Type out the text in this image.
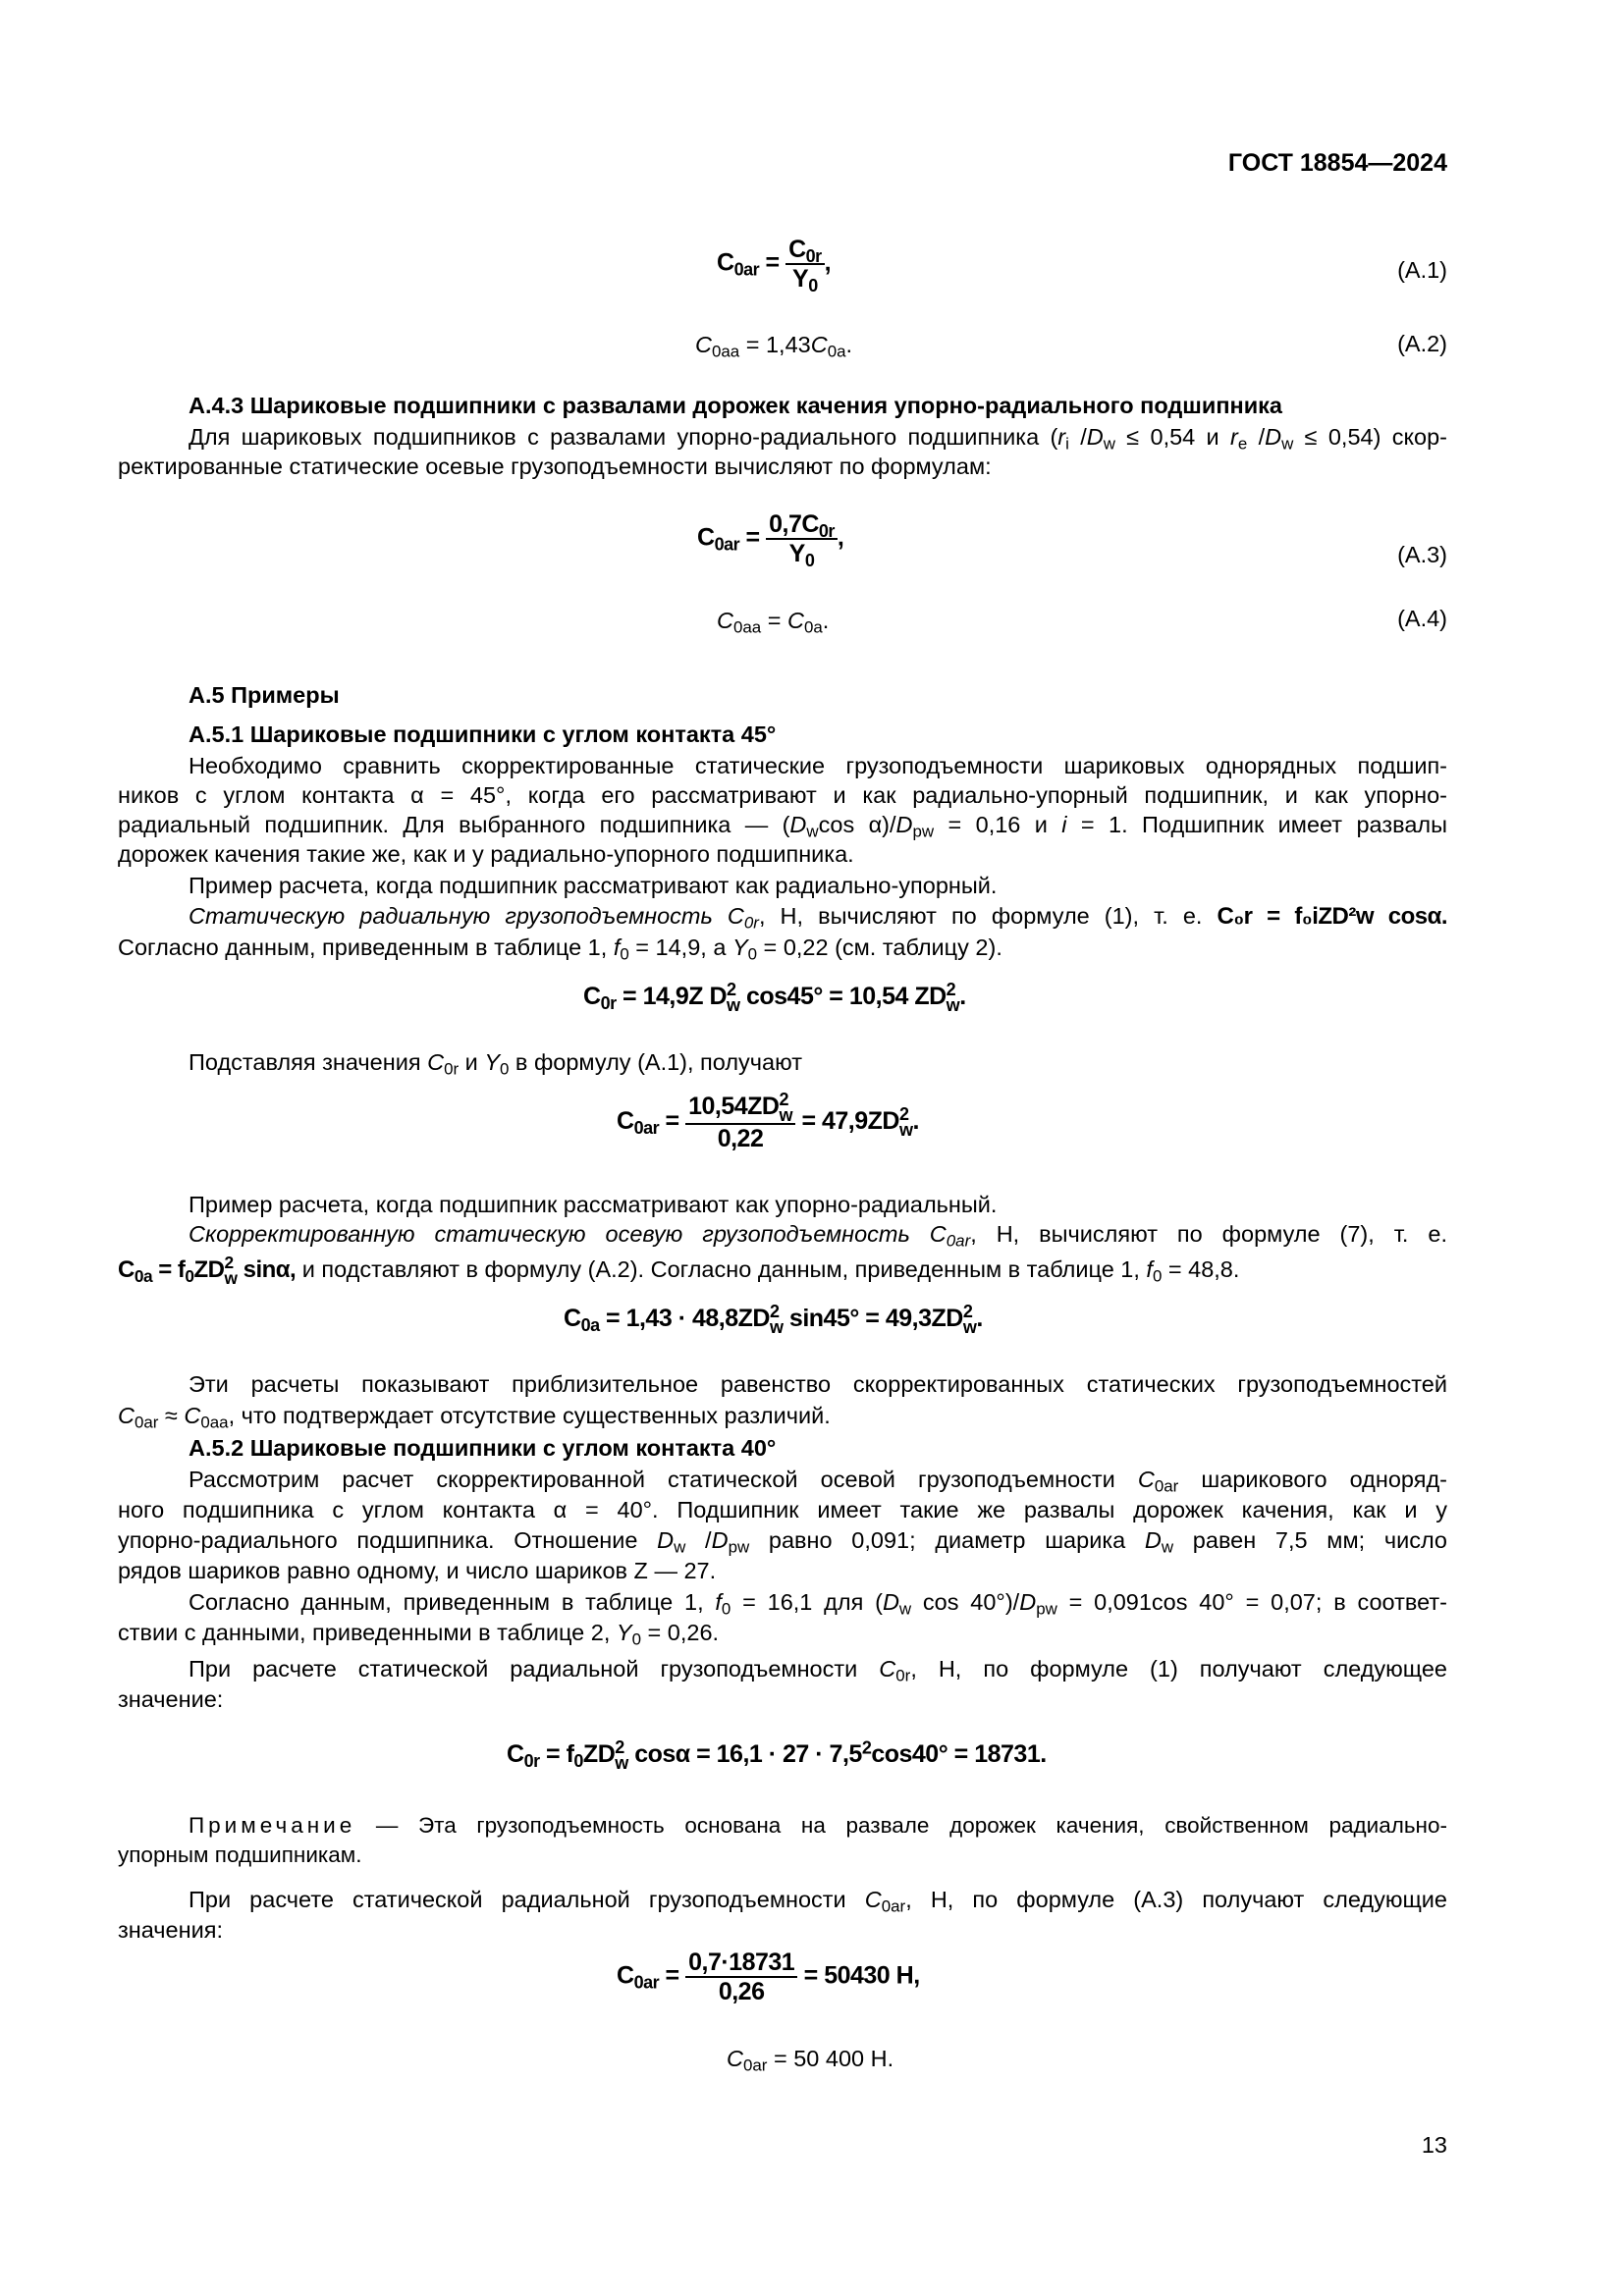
ГОСТ 18854—2024
$C_{0ar} = \frac{C_{0r}}{Y_0}$ ,	(A.1)
$C_{0aa} = 1,43C_{0a}$.	(A.2)
А.4.3 Шариковые подшипники с развалами дорожек качения упорно-радиального подшипника
Для шариковых подшипников с развалами упорно-радиального подшипника ($r_i$ $/D_w \le 0,54$ и $r_e$ $/D_w \le 0,54$) скор-
ректированные статические осевые грузоподъемности вычисляют по формулам:
$C_{0ar} = \frac{0,7C_{0r}}{Y_0}$ ,
(A.3)
$C_{0aa} = C_{0a}$.	(A.4)
А.5 Примеры
А.5.1 Шариковые подшипники с углом контакта 45°
Необходимо сравнить скорректированные статические грузоподъемности шариковых однорядных подшип-
ников с углом контакта α = 45°, когда его рассматривают и как радиально-упорный подшипник, и как упорно-
радиальный подшипник. Для выбранного подшипника — ($D_w\cos$ $\alpha)/D_{pw} = 0,16$ и i = 1. Подшипник имеет развалы
дорожек качения такие же, как и у радиально-упорного подшипника.
Пример расчета, когда подшипник рассматривают как радиально-упорный.
Статическую радиальную грузоподъемность $C_{0r}$, Н, вычисляют по формуле (1), т. е. C₀r = f₀iZD²w cosα.
Согласно данным, приведенным в таблице 1, $f_0 = 14,9$, а $Y_0 = 0,22$ (см. таблицу 2).
$C_{0r} = 14,9Z$ D 2
w cos45° = 10,54 ZD 2
w .
Подставляя значения $C_{0r}$ и $Y_0$ в формулу (А.1), получают
$C_{0ar} = 10,54ZD$ 2
w
0,22 = 47,9ZD 2
w .
Пример расчета, когда подшипник рассматривают как упорно-радиальный.
Скорректированную статическую осевую грузоподъемность $C_{0ar}$, Н, вычисляют по формуле (7), т. е.
$C_{0a} = f_0ZD$ 2
w sinα, и подставляют в формулу (А.2). Согласно данным, приведенным в таблице 1, $f_0 = 48,8$.
$C_{0a} = 1,43 \cdot 48,8ZD$ 2
w sin45° = 49,3ZD 2
w .
Эти расчеты показывают приблизительное равенство скорректированных статических грузоподъемностей
$C_{0ar} \approx C_{0aa}$, что подтверждает отсутствие существенных различий.
А.5.2 Шариковые подшипники с углом контакта 40°
Рассмотрим расчет скорректированной статической осевой грузоподъемности $C_{0ar}$ шарикового одноряд-
ного подшипника с углом контакта α = 40°. Подшипник имеет такие же развалы дорожек качения, как и у
упорно-радиального подшипника. Отношение $D_w$ $/D_{pw}$ равно 0,091; диаметр шарика $D_w$ равен 7,5 мм; число
рядов шариков равно одному, и число шариков Z — 27.
Согласно данным, приведенным в таблице 1, $f_0 = 16,1$ для ($D_w$ $\cos 40^\circ)/D_{pw} = 0,091\cos$ 40° = 0,07; в соответ-
ствии с данными, приведенными в таблице 2, $Y_0 = 0,26$.
При расчете статической радиальной грузоподъемности $C_{0r}$, Н, по формуле (1) получают следующее
значение:
$C_{0r} = f_0ZD$ 2
w $\cos\alpha = 16,1 \cdot 27 \cdot 7,5^2\cos 40^\circ = 18731$.
Примечание — Эта грузоподъемность основана на развале дорожек качения, свойственном радиально-
упорным подшипникам.
При расчете статической радиальной грузоподъемности $C_{0ar}$, Н, по формуле (А.3) получают следующие
значения:
$C_{0ar} = \frac{0,7\cdot 18731}{0,26} = 50430$ Н,
$C_{0ar} = 50$ 400 Н.
13
